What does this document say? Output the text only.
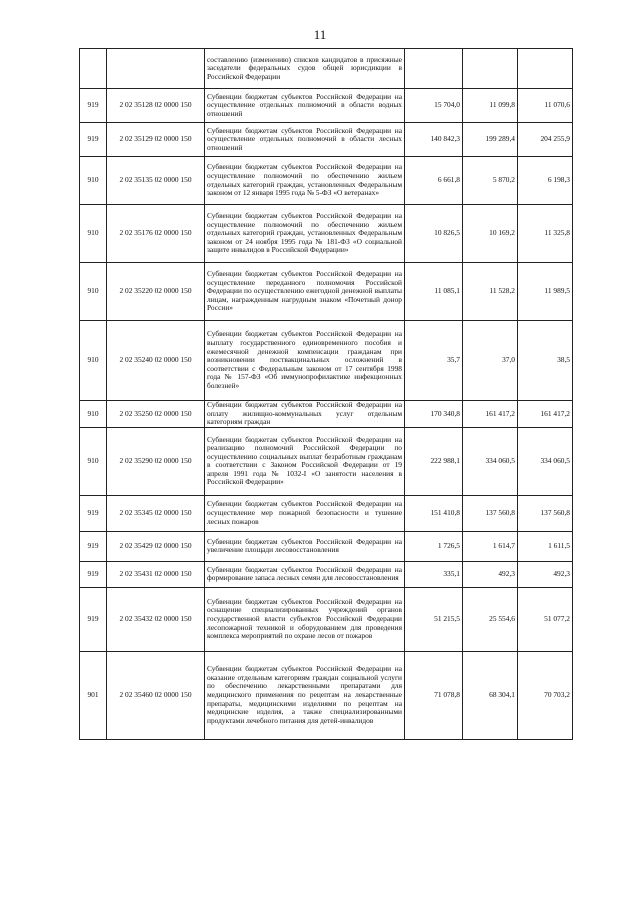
11
		составлению (изменению) списков кандидатов в присяжные заседатели федеральных судов общей юрисдикции в Российской Федерации			
919	2 02 35128 02 0000 150	Субвенции бюджетам субъектов Российской Федерации на осуществление отдельных полномочий в области водных отношений	15 704,0	11 099,8	11 070,6
919	2 02 35129 02 0000 150	Субвенции бюджетам субъектов Российской Федерации на осуществление отдельных полномочий в области лесных отношений	140 842,3	199 289,4	204 255,9
910	2 02 35135 02 0000 150	Субвенции бюджетам субъектов Российской Федерации на осуществление полномочий по обеспечению жильем отдельных категорий граждан, установленных Федеральным законом от 12 января 1995 года № 5-ФЗ «О ветеранах»	6 661,8	5 870,2	6 198,3
910	2 02 35176 02 0000 150	Субвенции бюджетам субъектов Российской Федерации на осуществление полномочий по обеспечению жильем отдельных категорий граждан, установленных Федеральным законом от 24 ноября 1995 года № 181-ФЗ «О социальной защите инвалидов в Российской Федерации»	10 826,5	10 169,2	11 325,8
910	2 02 35220 02 0000 150	Субвенции бюджетам субъектов Российской Федерации на осуществление переданного полномочия Российской Федерации по осуществлению ежегодной денежной выплаты лицам, награжденным нагрудным знаком «Почетный донор России»	11 085,1	11 528,2	11 989,5
910	2 02 35240 02 0000 150	Субвенции бюджетам субъектов Российской Федерации на выплату государственного единовременного пособия и ежемесячной денежной компенсации гражданам при возникновении поствакцинальных осложнений в соответствии с Федеральным законом от 17 сентября 1998 года № 157-ФЗ «Об иммунопрофилактике инфекционных болезней»	35,7	37,0	38,5
910	2 02 35250 02 0000 150	Субвенции бюджетам субъектов Российской Федерации на оплату жилищно-коммунальных услуг отдельным категориям граждан	170 340,8	161 417,2	161 417,2
910	2 02 35290 02 0000 150	Субвенции бюджетам субъектов Российской Федерации на реализацию полномочий Российской Федерации по осуществлению социальных выплат безработным гражданам в соответствии с Законом Российской Федерации от 19 апреля 1991 года № 1032-I «О занятости населения в Российской Федерации»	222 988,1	334 060,5	334 060,5
919	2 02 35345 02 0000 150	Субвенции бюджетам субъектов Российской Федерации на осуществление мер пожарной безопасности и тушение лесных пожаров	151 410,8	137 560,8	137 560,8
919	2 02 35429 02 0000 150	Субвенции бюджетам субъектов Российской Федерации на увеличение площади лесовосстановления	1 726,5	1 614,7	1 611,5
919	2 02 35431 02 0000 150	Субвенции бюджетам субъектов Российской Федерации на формирование запаса лесных семян для лесовосстановления	335,1	492,3	492,3
919	2 02 35432 02 0000 150	Субвенции бюджетам субъектов Российской Федерации на оснащение специализированных учреждений органов государственной власти субъектов Российской Федерации лесопожарной техникой и оборудованием для проведения комплекса мероприятий по охране лесов от пожаров	51 215,5	25 554,6	51 077,2
901	2 02 35460 02 0000 150	Субвенции бюджетам субъектов Российской Федерации на оказание отдельным категориям граждан социальной услуги по обеспечению лекарственными препаратами для медицинского применения по рецептам на лекарственные препараты, медицинскими изделиями по рецептам на медицинские изделия, а также специализированными продуктами лечебного питания для детей-инвалидов	71 078,8	68 304,1	70 703,2
